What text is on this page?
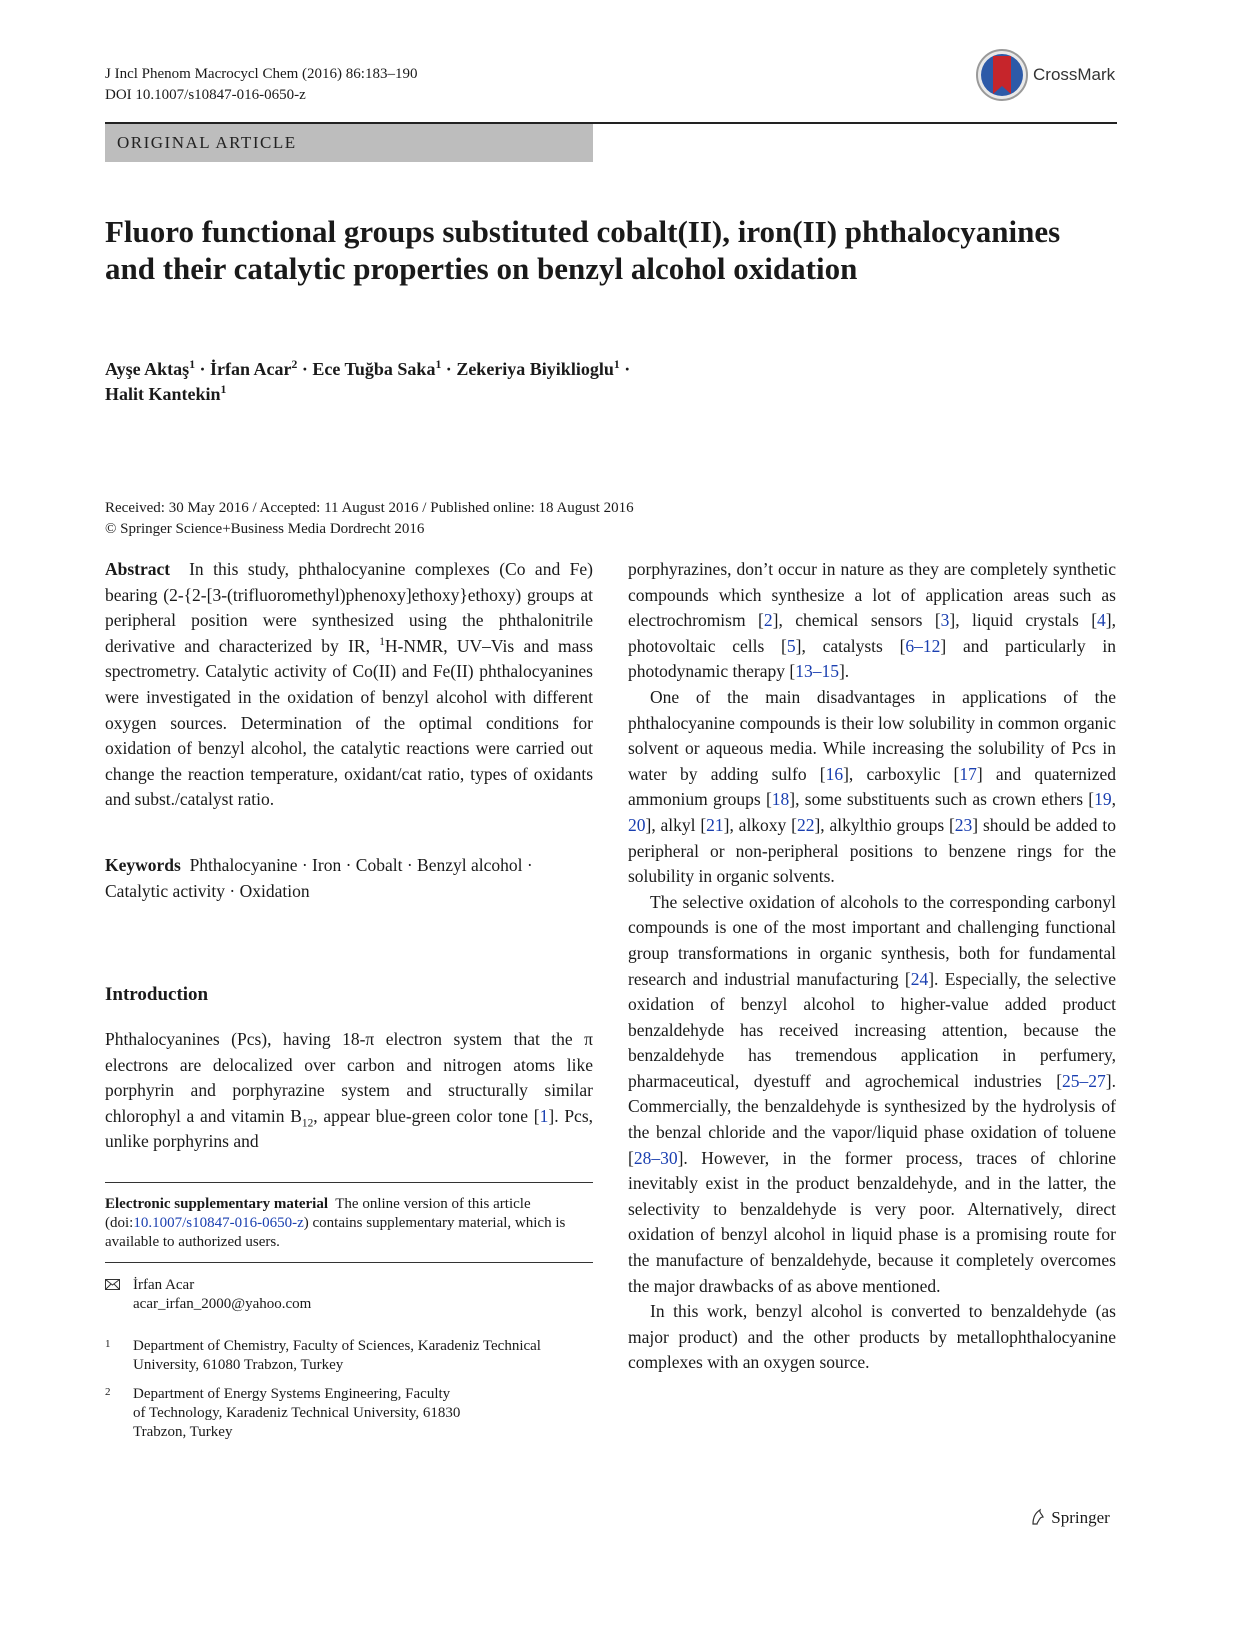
J Incl Phenom Macrocycl Chem (2016) 86:183–190
DOI 10.1007/s10847-016-0650-z
CrossMark
ORIGINAL ARTICLE
Fluoro functional groups substituted cobalt(II), iron(II) phthalocyanines and their catalytic properties on benzyl alcohol oxidation
Ayşe Aktaş$^1$ · İrfan Acar$^2$ · Ece Tuğba Saka$^1$ · Zekeriya Biyiklioglu$^1$ ·
Halit Kantekin$^1$
Received: 30 May 2016 / Accepted: 11 August 2016 / Published online: 18 August 2016
© Springer Science+Business Media Dordrecht 2016

Abstract In this study, phthalocyanine complexes (Co and Fe) bearing (2-{2-[3-(trifluoromethyl)phenoxy]ethoxy}ethoxy) groups at peripheral position were synthesized using the phthalonitrile derivative and characterized by IR, $^1$H-NMR, UV–Vis and mass spectrometry. Catalytic activity of Co(II) and Fe(II) phthalocyanines were investigated in the oxidation of benzyl alcohol with different oxygen sources. Determination of the optimal conditions for oxidation of benzyl alcohol, the catalytic reactions were carried out change the reaction temperature, oxidant/cat ratio, types of oxidants and subst./catalyst ratio.

Keywords Phthalocyanine · Iron · Cobalt · Benzyl alcohol · Catalytic activity · Oxidation

Introduction

Phthalocyanines (Pcs), having 18-π electron system that the π electrons are delocalized over carbon and nitrogen atoms like porphyrin and porphyrazine system and structurally similar chlorophyl a and vitamin $B_{12}$, appear blue-green color tone [1]. Pcs, unlike porphyrins and

Electronic supplementary material The online version of this article (doi:10.1007/s10847-016-0650-z) contains supplementary material, which is available to authorized users.
İrfan Acar
acar_irfan_2000@yahoo.com
1 Department of Chemistry, Faculty of Sciences, Karadeniz Technical University, 61080 Trabzon, Turkey
2 Department of Energy Systems Engineering, Faculty of Technology, Karadeniz Technical University, 61830 Trabzon, Turkey

porphyrazines, don’t occur in nature as they are completely synthetic compounds which synthesize a lot of application areas such as electrochromism [2], chemical sensors [3], liquid crystals [4], photovoltaic cells [5], catalysts [6–12] and particularly in photodynamic therapy [13–15].

One of the main disadvantages in applications of the phthalocyanine compounds is their low solubility in common organic solvent or aqueous media. While increasing the solubility of Pcs in water by adding sulfo [16], carboxylic [17] and quaternized ammonium groups [18], some substituents such as crown ethers [19, 20], alkyl [21], alkoxy [22], alkylthio groups [23] should be added to peripheral or non-peripheral positions to benzene rings for the solubility in organic solvents.

The selective oxidation of alcohols to the corresponding carbonyl compounds is one of the most important and challenging functional group transformations in organic synthesis, both for fundamental research and industrial manufacturing [24]. Especially, the selective oxidation of benzyl alcohol to higher-value added product benzaldehyde has received increasing attention, because the benzaldehyde has tremendous application in perfumery, pharmaceutical, dyestuff and agrochemical industries [25–27]. Commercially, the benzaldehyde is synthesized by the hydrolysis of the benzal chloride and the vapor/liquid phase oxidation of toluene [28–30]. However, in the former process, traces of chlorine inevitably exist in the product benzaldehyde, and in the latter, the selectivity to benzaldehyde is very poor. Alternatively, direct oxidation of benzyl alcohol in liquid phase is a promising route for the manufacture of benzaldehyde, because it completely overcomes the major drawbacks of as above mentioned.

In this work, benzyl alcohol is converted to benzaldehyde (as major product) and the other products by metallophthalocyanine complexes with an oxygen source.

Springer
